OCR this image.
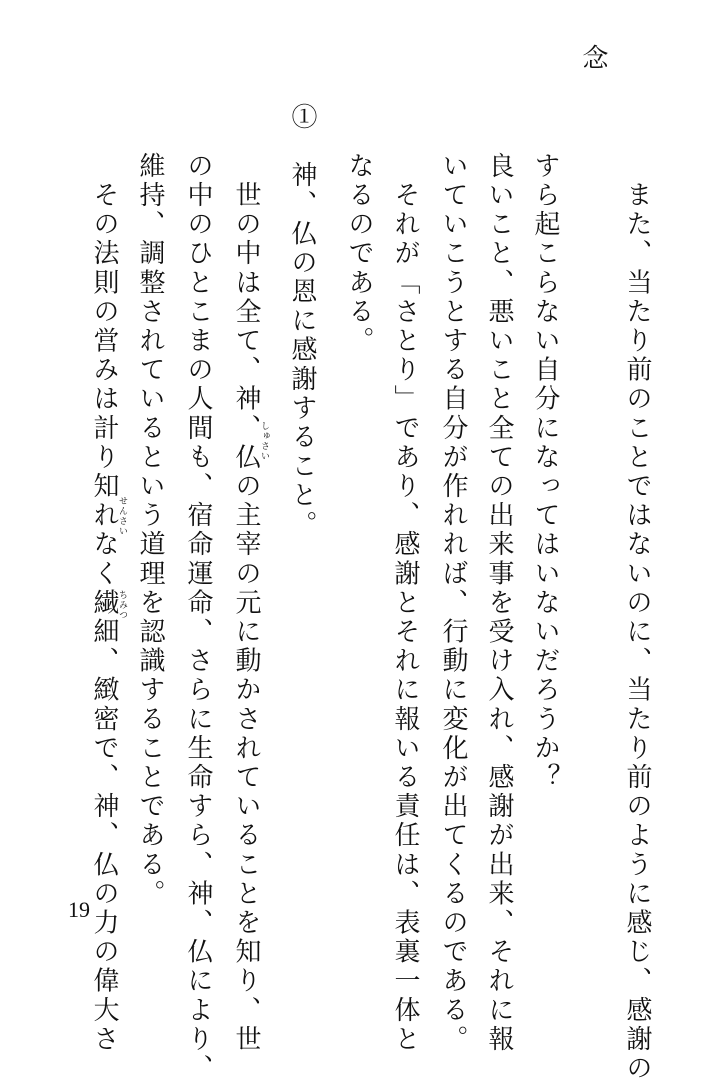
念
　また、当たり前のことではないのに、当たり前のように感じ、感謝の
すら起こらない自分になってはいないだろうか？
良いこと、悪いこと全ての出来事を受け入れ、感謝が出来、それに報
いていこうとする自分が作れれば、行動に変化が出てくるのである。
　それが「さとり」であり、感謝とそれに報いる責任は、表裏一体と
なるのである。
①　神、仏の恩に感謝すること。
　世の中は全て、神、仏の主宰の元に動かされていることを知り、世
の中のひとこまの人間も、宿命運命、さらに生命すら、神、仏により、
維持、調整されているという道理を認識することである。
　その法則の営みは計り知れなく繊細、緻密で、神、仏の力の偉大さ	しゅさい
せんさい
ちみつ
19
